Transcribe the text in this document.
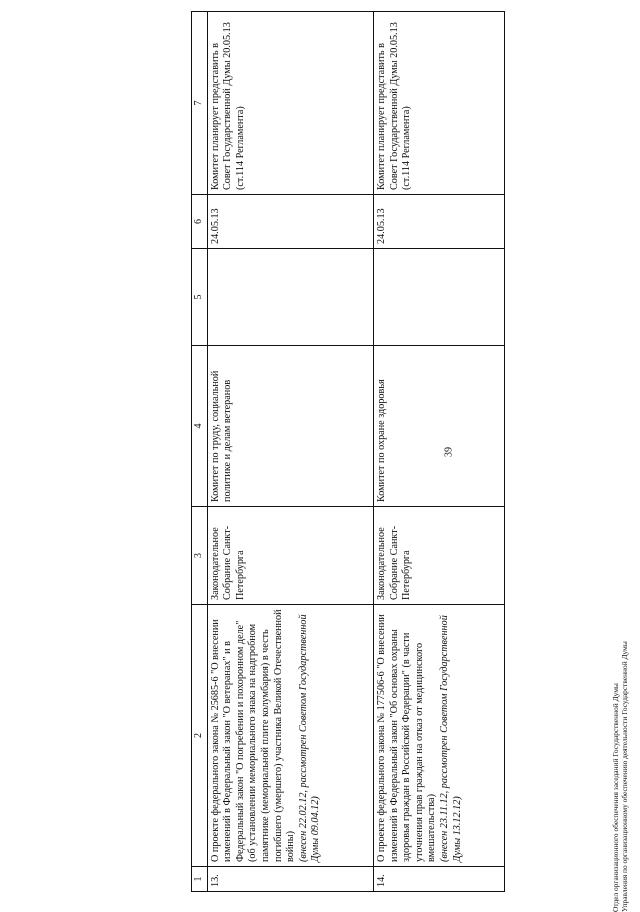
39
1	2	3	4	5	6	7
13.	О проекте федерального закона № 25685-6 "О внесении изменений в Федеральный закон "О ветеранах" и в Федеральный закон "О погребении и похоронном деле" (об установлении мемориального знака на надгробном памятнике (мемориальной плите колумбария) в честь погибшего (умершего) участника Великой Отечественной войны) (внесен 22.02.12, рассмотрен Советом Государственной Думы 09.04.12)	Законодательное Собрание Санкт-Петербурга	Комитет по труду, социальной политике и делам ветеранов		24.05.13	Комитет планирует представить в Совет Государственной Думы 20.05.13 (ст.114 Регламента)
14.	О проекте федерального закона № 177506-6 "О внесении изменений в Федеральный закон "Об основах охраны здоровья граждан в Российской Федерации" (в части уточнения прав граждан на отказ от медицинского вмешательства) (внесен 23.11.12, рассмотрен Советом Государственной Думы 13.12.12)	Законодательное Собрание Санкт-Петербурга	Комитет по охране здоровья		24.05.13	Комитет планирует представить в Совет Государственной Думы 20.05.13 (ст.114 Регламента)
Отдел организационного обеспечения заседаний Государственной Думы Управления по организационному обеспечению деятельности Государственной Думы
